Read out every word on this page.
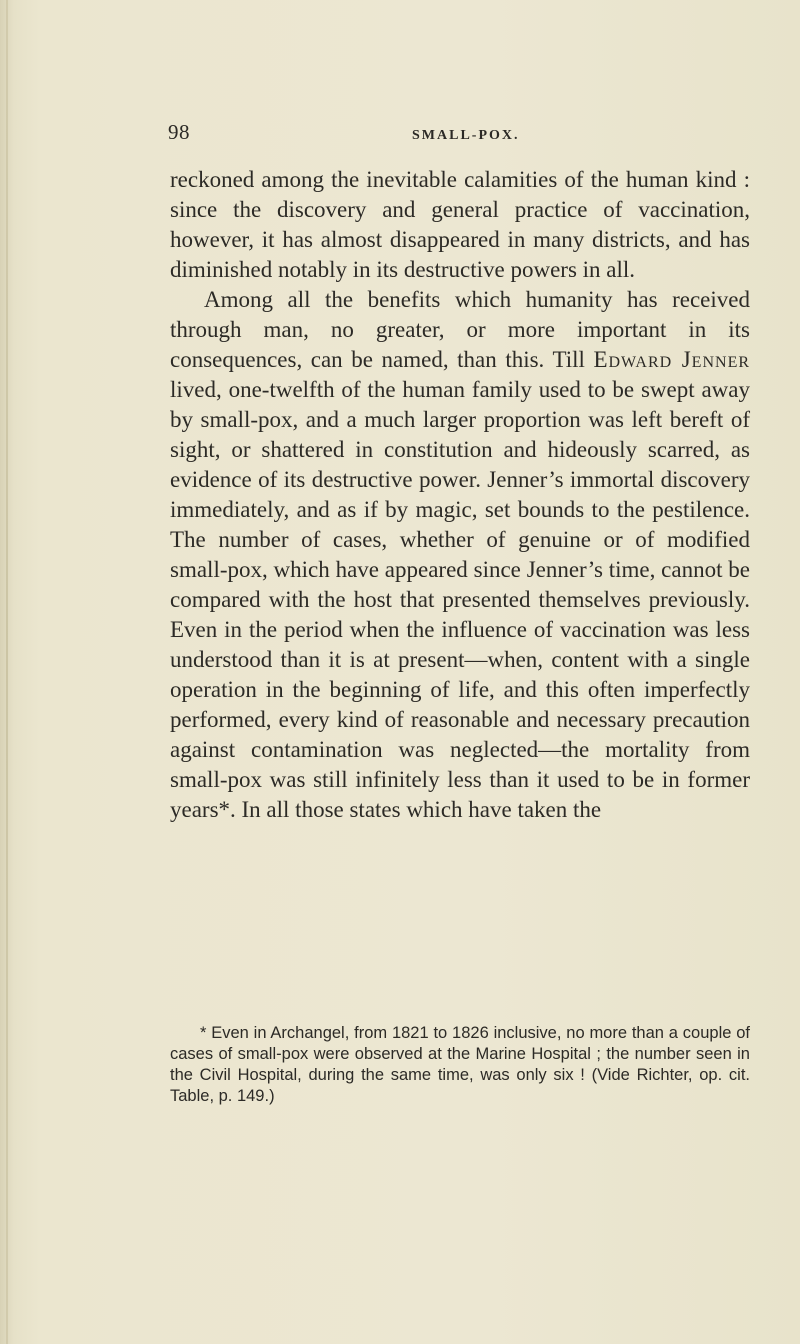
98	SMALL-POX.

reckoned among the inevitable calamities of the human kind : since the discovery and general practice of vaccination, however, it has almost disappeared in many districts, and has diminished notably in its destructive powers in all.

Among all the benefits which humanity has received through man, no greater, or more important in its consequences, can be named, than this. Till Edward Jenner lived, one-twelfth of the human family used to be swept away by small-pox, and a much larger proportion was left bereft of sight, or shattered in constitution and hideously scarred, as evidence of its destructive power. Jenner’s immortal discovery immediately, and as if by magic, set bounds to the pestilence. The number of cases, whether of genuine or of modified small-pox, which have appeared since Jenner’s time, cannot be compared with the host that presented themselves previously. Even in the period when the influence of vaccination was less understood than it is at present—when, content with a single operation in the beginning of life, and this often imperfectly performed, every kind of reasonable and necessary precaution against contamination was neglected—the mortality from small-pox was still infinitely less than it used to be in former years*. In all those states which have taken the

* Even in Archangel, from 1821 to 1826 inclusive, no more than a couple of cases of small-pox were observed at the Marine Hospital ; the number seen in the Civil Hospital, during the same time, was only six ! (Vide Richter, op. cit. Table, p. 149.)
